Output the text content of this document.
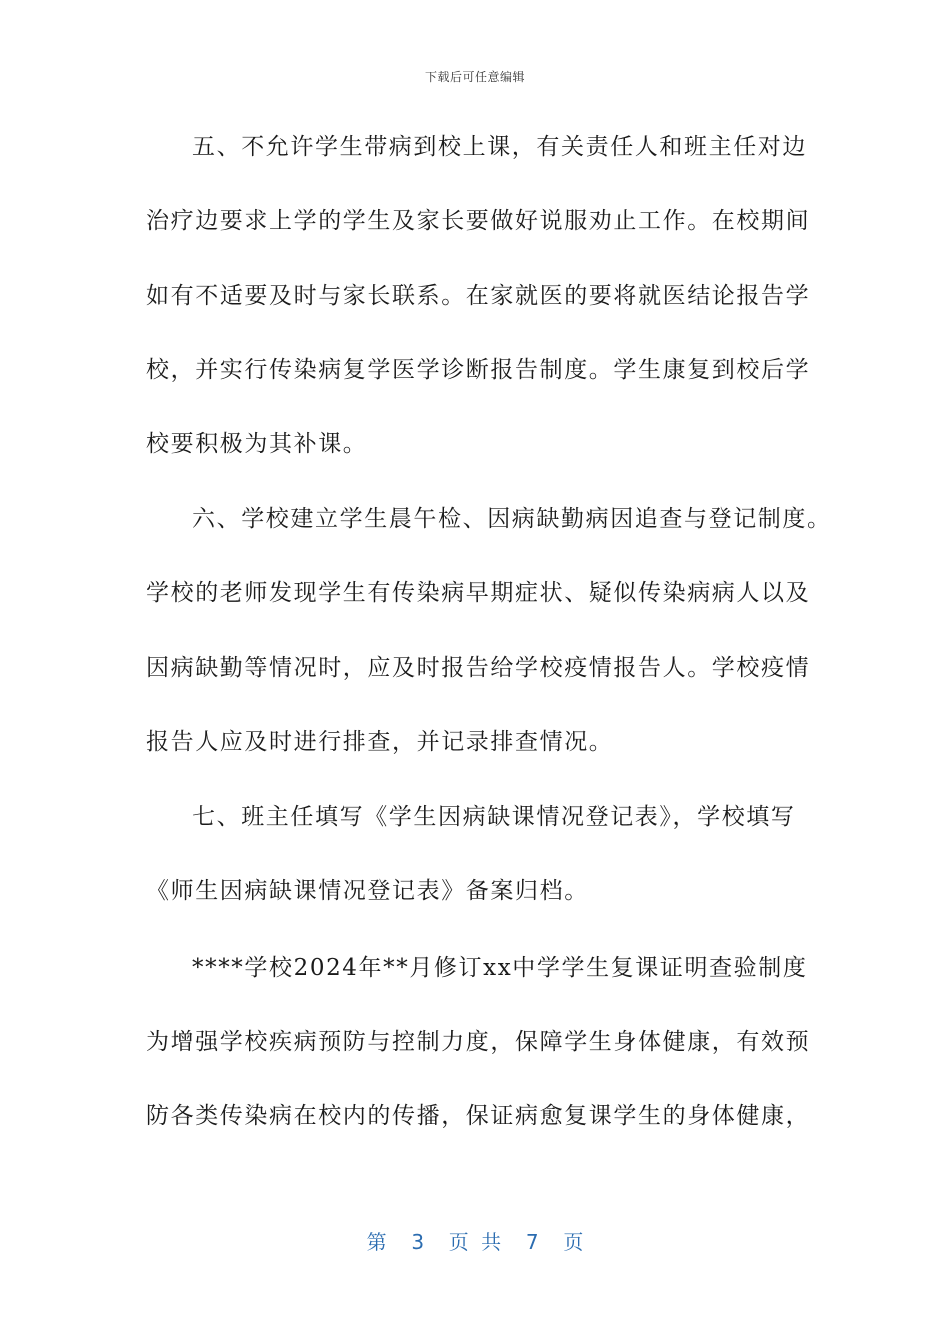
下载后可任意编辑
五、不允许学生带病到校上课，有关责任人和班主任对边
治疗边要求上学的学生及家长要做好说服劝止工作。在校期间
如有不适要及时与家长联系。在家就医的要将就医结论报告学
校，并实行传染病复学医学诊断报告制度。学生康复到校后学
校要积极为其补课。
六、学校建立学生晨午检、因病缺勤病因追查与登记制度。
学校的老师发现学生有传染病早期症状、疑似传染病病人以及
因病缺勤等情况时，应及时报告给学校疫情报告人。学校疫情
报告人应及时进行排查，并记录排查情况。
七、班主任填写《学生因病缺课情况登记表》，学校填写
《师生因病缺课情况登记表》备案归档。
****学校2024年**月修订xx中学学生复课证明查验制度
为增强学校疾病预防与控制力度，保障学生身体健康，有效预
防各类传染病在校内的传播，保证病愈复课学生的身体健康，
第  3  页 共  7  页
